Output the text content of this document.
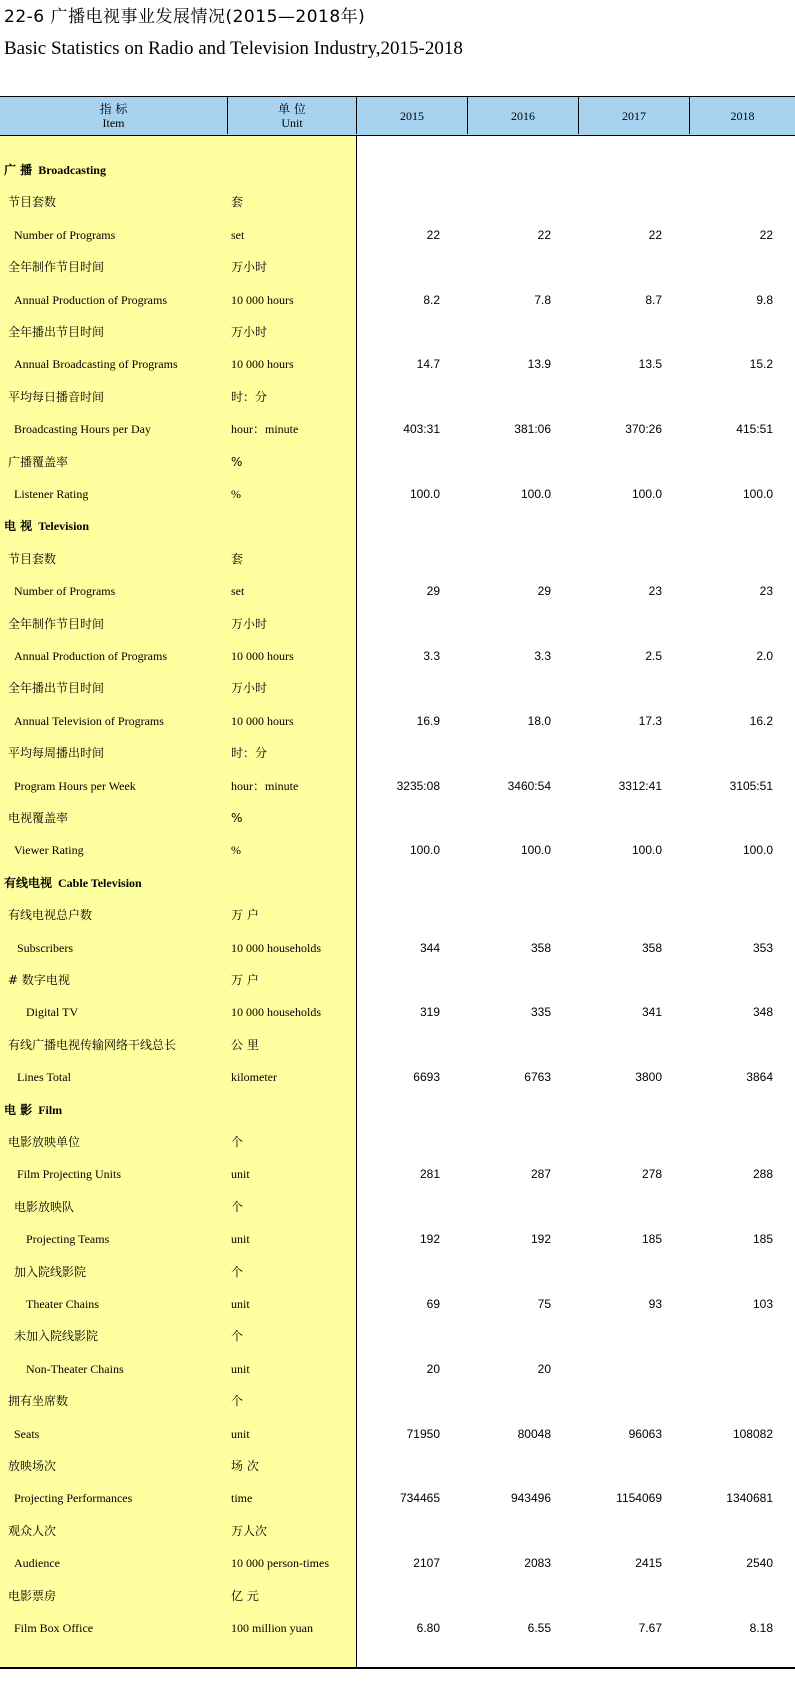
22-6 广播电视事业发展情况(2015—2018年)
Basic Statistics on Radio and Television Industry,2015-2018
指 标
Item
单 位
Unit	2015	2016	2017	2018
广 播 Broadcasting
节目套数	套
Number of Programs	set	22	22	22	22
全年制作节目时间	万小时
Annual Production of Programs	10 000 hours	8.2	7.8	8.7	9.8
全年播出节目时间	万小时
Annual Broadcasting of Programs	10 000 hours	14.7	13.9	13.5	15.2
平均每日播音时间	时：分
Broadcasting Hours per Day	hour：minute	403:31	381:06	370:26	415:51
广播覆盖率	%
Listener Rating	%	100.0	100.0	100.0	100.0
电 视 Television
节目套数	套
Number of Programs	set	29	29	23	23
全年制作节目时间	万小时
Annual Production of Programs	10 000 hours	3.3	3.3	2.5	2.0
全年播出节目时间	万小时
Annual Television of Programs	10 000 hours	16.9	18.0	17.3	16.2
平均每周播出时间	时：分
Program Hours per Week	hour：minute	3235:08	3460:54	3312:41	3105:51
电视覆盖率	%
Viewer Rating	%	100.0	100.0	100.0	100.0
有线电视 Cable Television
有线电视总户数	万 户
Subscribers	10 000 households	344	358	358	353
# 数字电视	万 户
Digital TV	10 000 households	319	335	341	348
有线广播电视传输网络干线总长	公 里
Lines Total	kilometer	6693	6763	3800	3864
电 影 Film
电影放映单位	个
Film Projecting Units	unit	281	287	278	288
电影放映队	个
Projecting Teams	unit	192	192	185	185
加入院线影院	个
Theater Chains	unit	69	75	93	103
未加入院线影院	个
Non-Theater Chains	unit	20	20
拥有坐席数	个
Seats	unit	71950	80048	96063	108082
放映场次	场 次
Projecting Performances	time	734465	943496	1154069	1340681
观众人次	万人次
Audience	10 000 person-times	2107	2083	2415	2540
电影票房	亿 元
Film Box Office	100 million yuan	6.80	6.55	7.67	8.18
